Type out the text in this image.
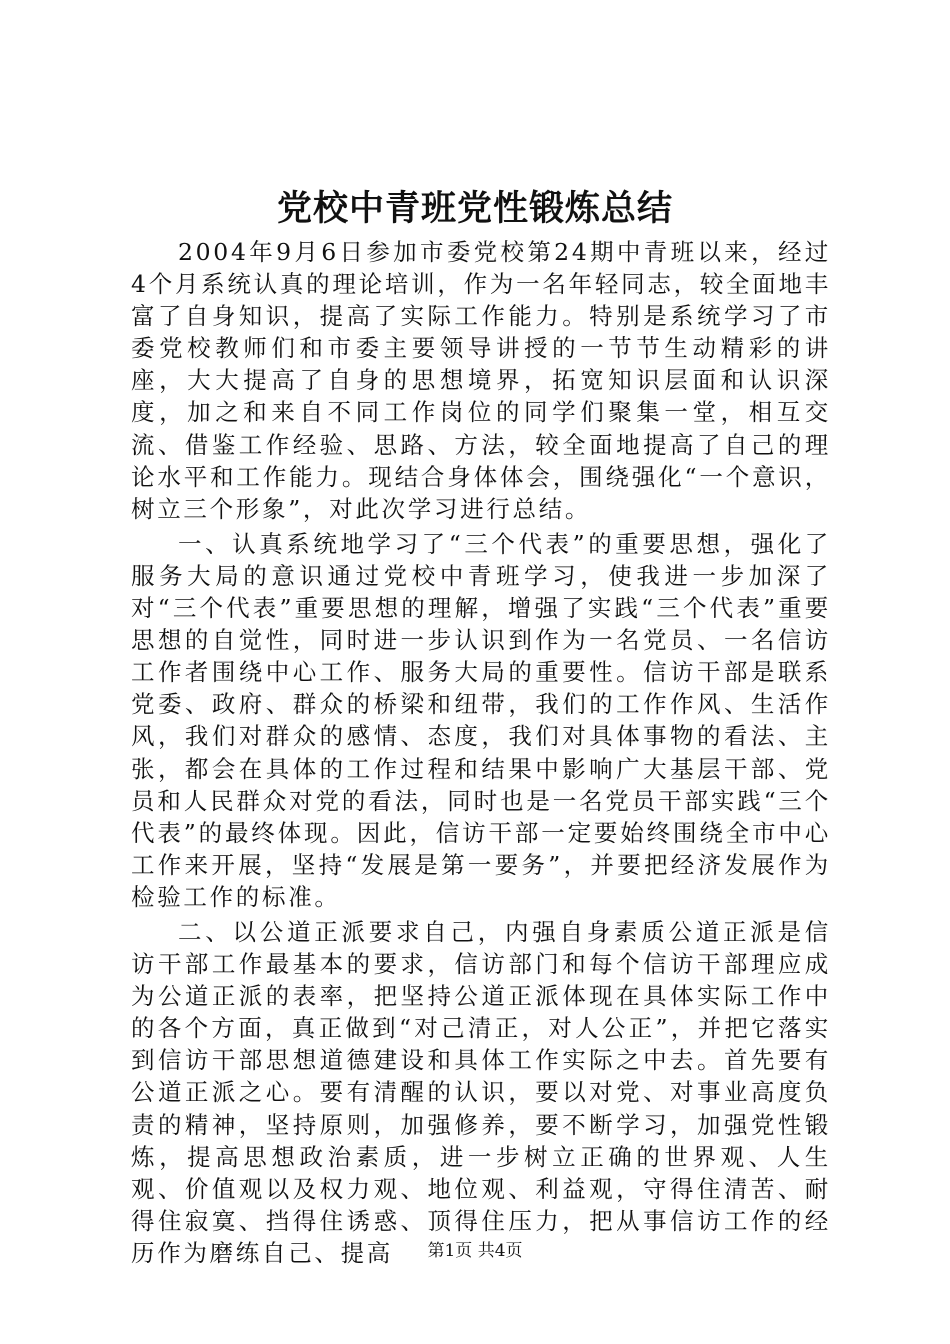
党校中青班党性锻炼总结

2004年9月6日参加市委党校第24期中青班以来，经过4个月系统认真的理论培训，作为一名年轻同志，较全面地丰富了自身知识，提高了实际工作能力。特别是系统学习了市委党校教师们和市委主要领导讲授的一节节生动精彩的讲座，大大提高了自身的思想境界，拓宽知识层面和认识深度，加之和来自不同工作岗位的同学们聚集一堂，相互交流、借鉴工作经验、思路、方法，较全面地提高了自己的理论水平和工作能力。现结合身体体会，围绕强化“一个意识，树立三个形象”，对此次学习进行总结。

一、认真系统地学习了“三个代表”的重要思想，强化了服务大局的意识通过党校中青班学习，使我进一步加深了对“三个代表”重要思想的理解，增强了实践“三个代表”重要思想的自觉性，同时进一步认识到作为一名党员、一名信访工作者围绕中心工作、服务大局的重要性。信访干部是联系党委、政府、群众的桥梁和纽带，我们的工作作风、生活作风，我们对群众的感情、态度，我们对具体事物的看法、主张，都会在具体的工作过程和结果中影响广大基层干部、党员和人民群众对党的看法，同时也是一名党员干部实践“三个代表”的最终体现。因此，信访干部一定要始终围绕全市中心工作来开展，坚持“发展是第一要务”，并要把经济发展作为检验工作的标准。

二、以公道正派要求自己，内强自身素质公道正派是信访干部工作最基本的要求，信访部门和每个信访干部理应成为公道正派的表率，把坚持公道正派体现在具体实际工作中的各个方面，真正做到“对己清正，对人公正”，并把它落实到信访干部思想道德建设和具体工作实际之中去。首先要有公道正派之心。要有清醒的认识，要以对党、对事业高度负责的精神，坚持原则，加强修养，要不断学习，加强党性锻炼，提高思想政治素质，进一步树立正确的世界观、人生观、价值观以及权力观、地位观、利益观，守得住清苦、耐得住寂寞、挡得住诱惑、顶得住压力，把从事信访工作的经历作为磨练自己、提高	第1页 共4页
